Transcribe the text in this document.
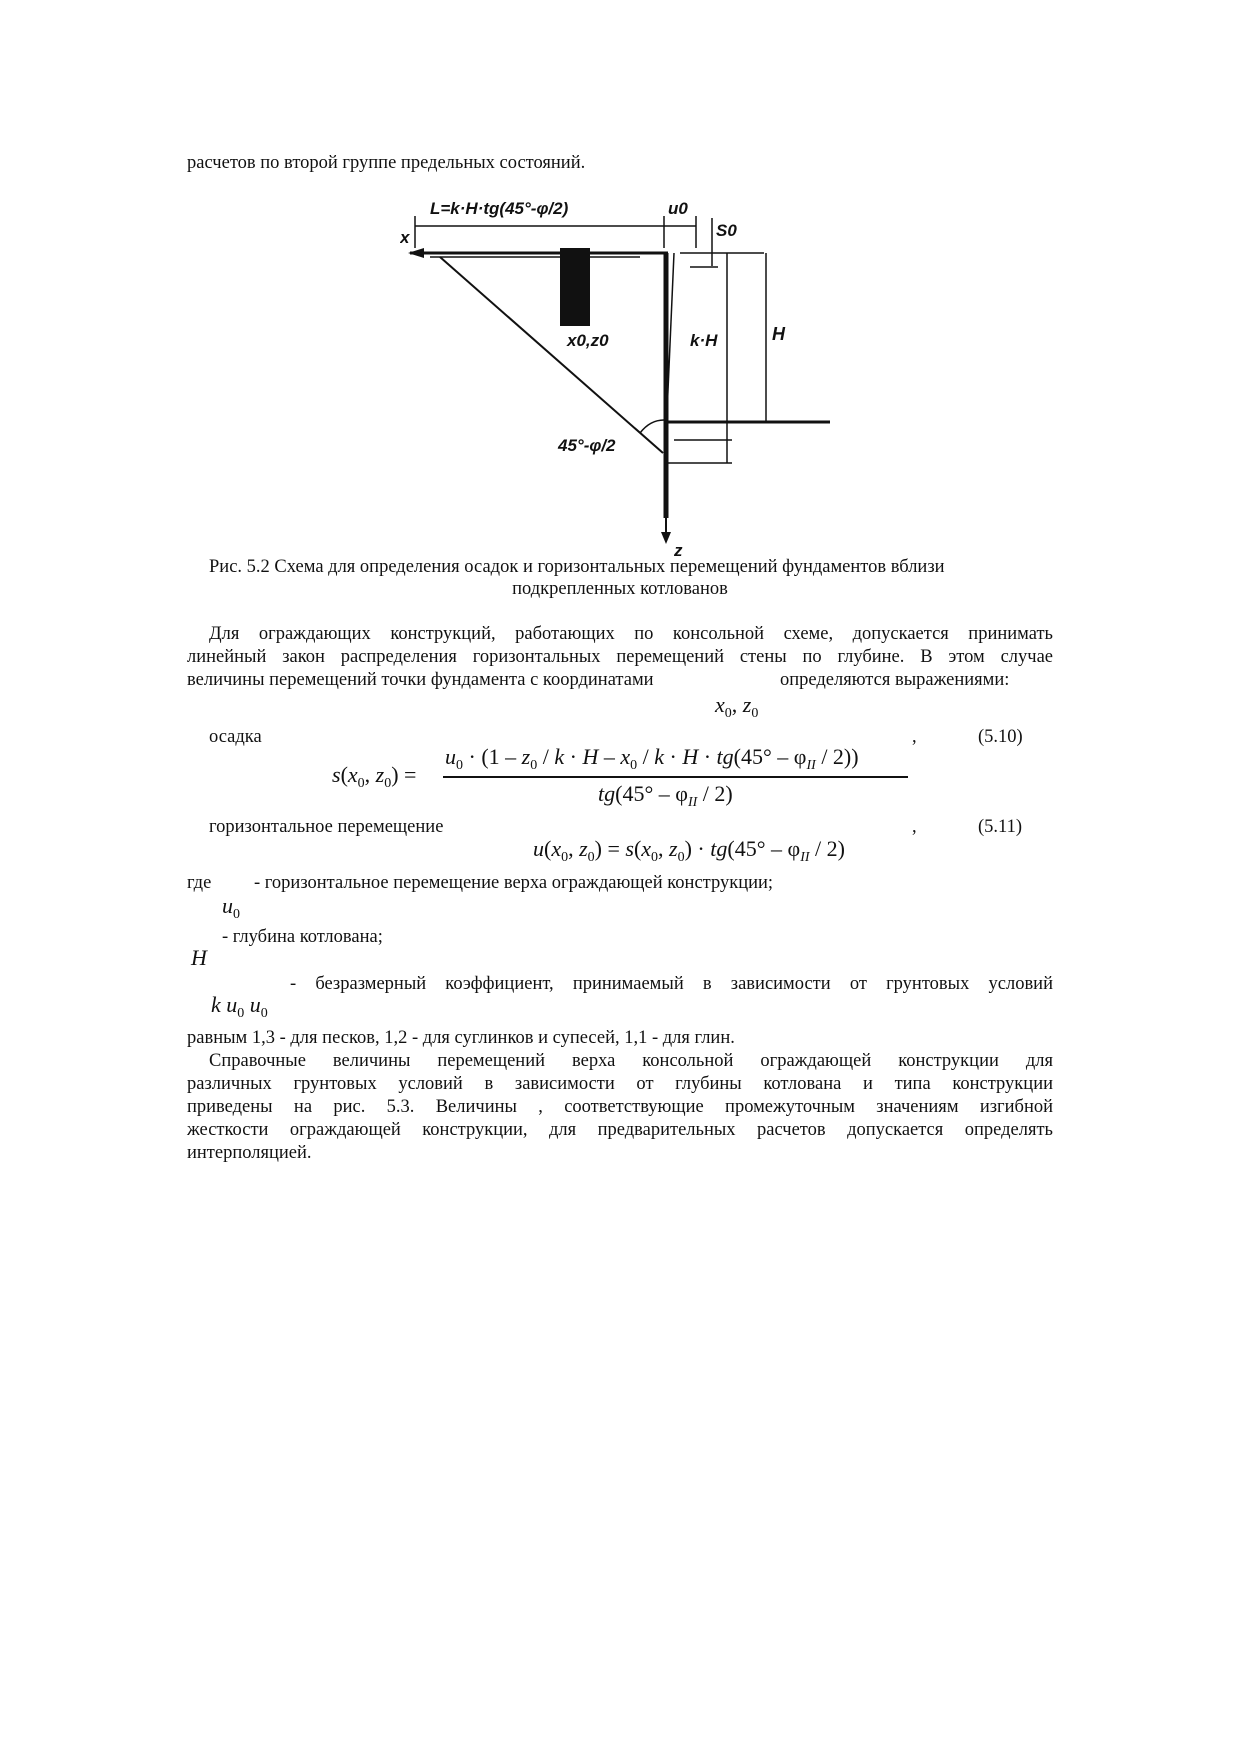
расчетов по второй группе предельных состояний.
L=k·H·tg(45°-φ/2)	u0
S0
x
x0,z0	k·H	H
45°-φ/2
z
Рис. 5.2 Схема для определения осадок и горизонтальных перемещений фундаментов вблизи
подкрепленных котлованов
Для ограждающих конструкций, работающих по консольной схеме, допускается принимать
линейный закон распределения горизонтальных перемещений стены по глубине. В этом случае
величины перемещений точки фундамента с координатами	определяются выражениями:
$x_0$, $z_0$
осадка	,	(5.10)
$s(x_0$, $z_0$) =
$u_0 \cdot (1 - z_0 / k \cdot H - x_0 / k \cdot H \cdot tg(45^\circ - \varphi_{II} / 2))$
$tg(45^\circ - \varphi_{II} / 2)$
горизонтальное перемещение	,	(5.11)
$u(x_0$, $z_0) = s(x_0$, $z_0) \cdot tg(45^\circ - \varphi_{II} / 2)$
где - горизонтальное перемещение верха ограждающей конструкции;
$u_0$
- глубина котлована;
H
- безразмерный коэффициент, принимаемый в зависимости от грунтовых условий
k $u_0$ $u_0$
равным 1,3 - для песков, 1,2 - для суглинков и супесей, 1,1 - для глин.
Справочные величины перемещений верха консольной ограждающей конструкции для
различных грунтовых условий в зависимости от глубины котлована и типа конструкции
приведены на рис. 5.3. Величины , соответствующие промежуточным значениям изгибной
жесткости ограждающей конструкции, для предварительных расчетов допускается определять
интерполяцией.
